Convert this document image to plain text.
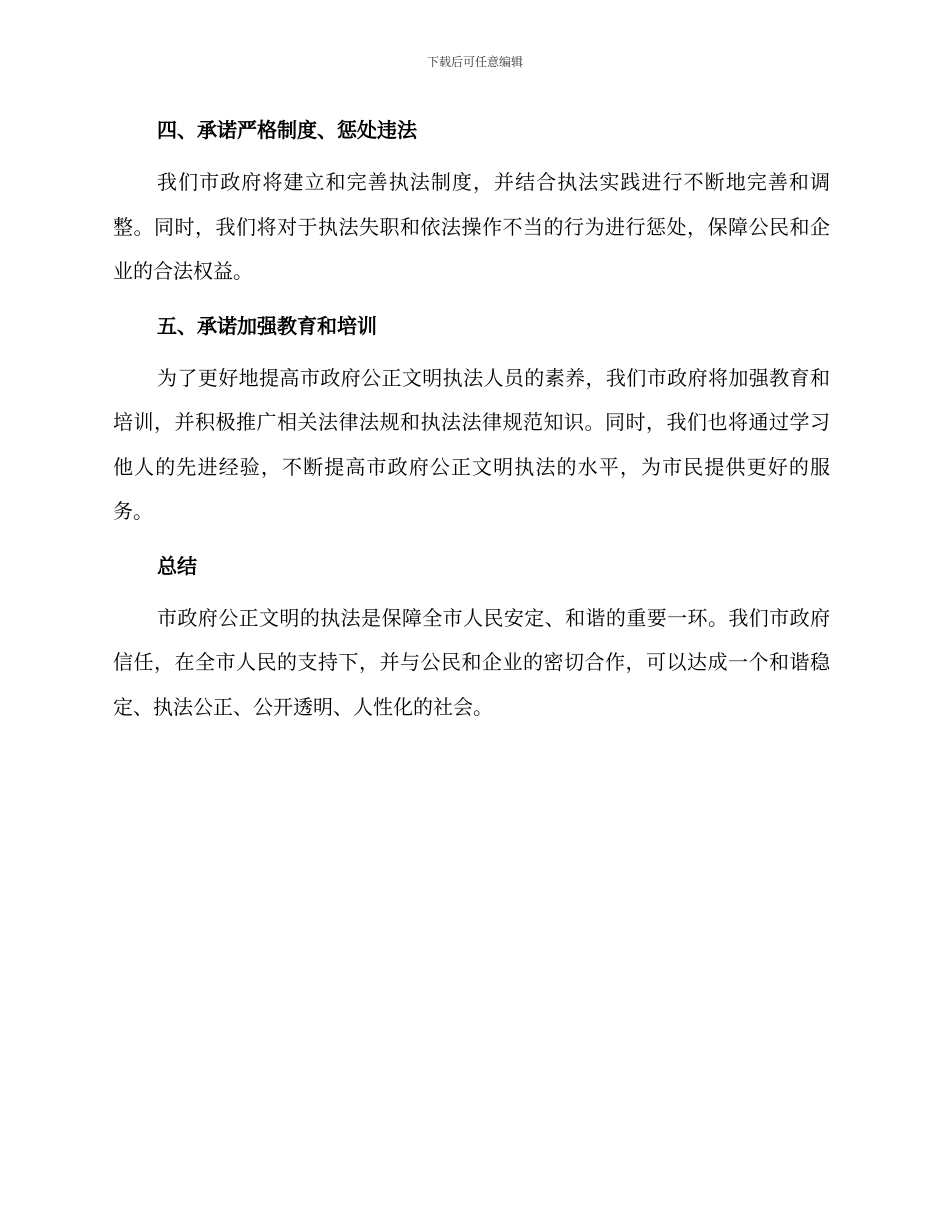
下载后可任意编辑
四、承诺严格制度、惩处违法

我们市政府将建立和完善执法制度，并结合执法实践进行不断地完善和调整。同时，我们将对于执法失职和依法操作不当的行为进行惩处，保障公民和企业的合法权益。

五、承诺加强教育和培训

为了更好地提高市政府公正文明执法人员的素养，我们市政府将加强教育和培训，并积极推广相关法律法规和执法法律规范知识。同时，我们也将通过学习他人的先进经验，不断提高市政府公正文明执法的水平，为市民提供更好的服务。

总结

市政府公正文明的执法是保障全市人民安定、和谐的重要一环。我们市政府信任，在全市人民的支持下，并与公民和企业的密切合作，可以达成一个和谐稳定、执法公正、公开透明、人性化的社会。
